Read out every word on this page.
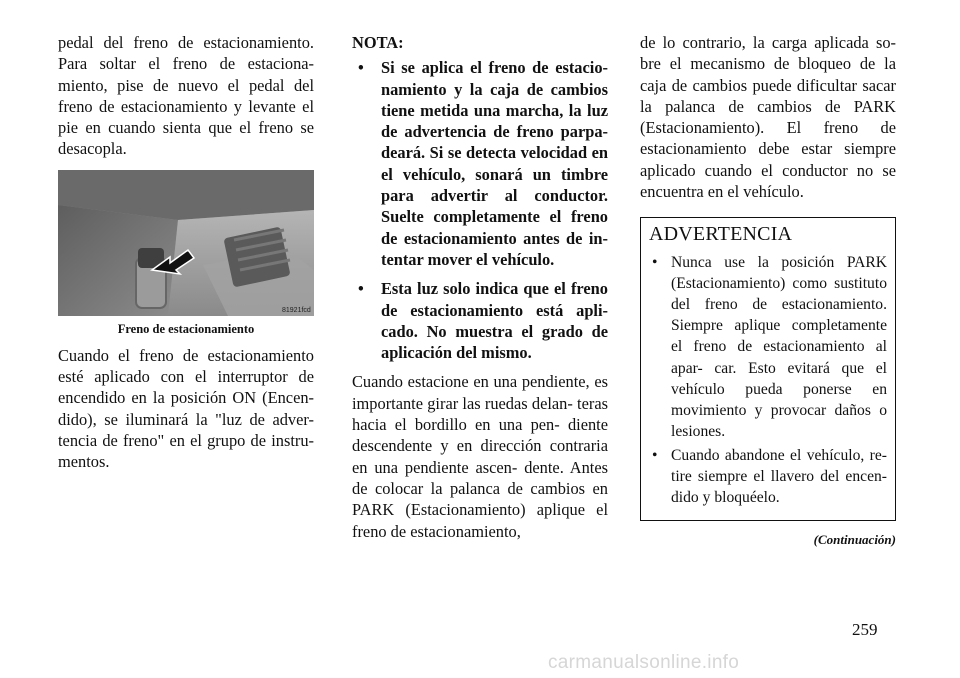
pedal del freno de estacionamiento. Para soltar el freno de estaciona- miento, pise de nuevo el pedal del freno de estacionamiento y levante el pie en cuando sienta que el freno se desacopla.

81921fcd
Freno de estacionamiento

Cuando el freno de estacionamiento esté aplicado con el interruptor de encendido en la posición ON (Encen- dido), se iluminará la "luz de adver- tencia de freno" en el grupo de instru- mentos.

NOTA:

• Si se aplica el freno de estacio- namiento y la caja de cambios tiene metida una marcha, la luz de advertencia de freno parpa- deará. Si se detecta velocidad en el vehículo, sonará un timbre para advertir al conductor. Suelte completamente el freno de estacionamiento antes de in- tentar mover el vehículo.
• Esta luz solo indica que el freno de estacionamiento está apli- cado. No muestra el grado de aplicación del mismo.

Cuando estacione en una pendiente, es importante girar las ruedas delan- teras hacia el bordillo en una pen- diente descendente y en dirección contraria en una pendiente ascen- dente. Antes de colocar la palanca de cambios en PARK (Estacionamiento) aplique el freno de estacionamiento,

de lo contrario, la carga aplicada so- bre el mecanismo de bloqueo de la caja de cambios puede dificultar sacar la palanca de cambios de PARK (Estacionamiento). El freno de estacionamiento debe estar siempre aplicado cuando el conductor no se encuentra en el vehículo.

ADVERTENCIA
• Nunca use la posición PARK (Estacionamiento) como sustituto del freno de estacionamiento. Siempre aplique completamente el freno de estacionamiento al apar- car. Esto evitará que el vehículo pueda ponerse en movimiento y provocar daños o lesiones.
• Cuando abandone el vehículo, re- tire siempre el llavero del encen- dido y bloquéelo.
(Continuación)
259
carmanualsonline.info
